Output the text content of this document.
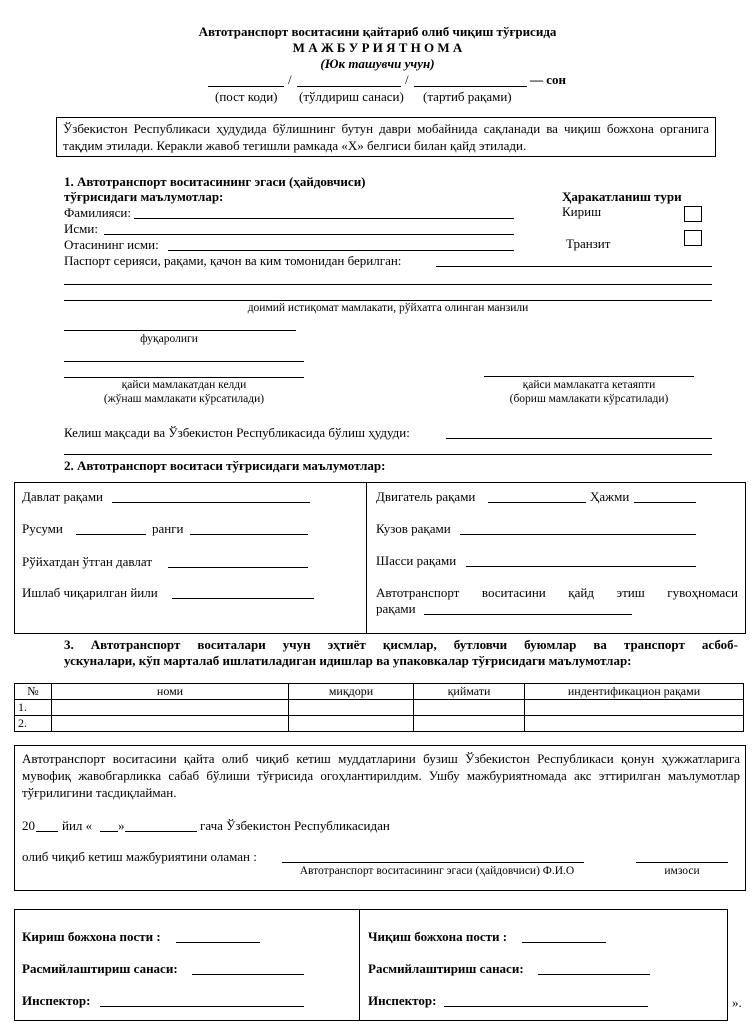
Автотранспорт воситасини қайтариб олиб чиқиш тўғрисида
М А Ж Б У Р И Я Т Н О М А
(Юк ташувчи учун)
/	/	— сон
(пост коди) (тўлдириш санаси) (тартиб рақами)
Ўзбекистон Республикаси ҳудудида бўлишнинг бутун даври мобайнида сақланади ва чиқиш божхона органига тақдим этилади. Керакли жавоб тегишли рамкада «Х» белгиси билан қайд этилади.
1. Автотранспорт воситасининг эгаси (ҳайдовчиси)
тўғрисидаги маълумотлар:	Ҳаракатланиш тури
Кириш
Транзит
Фамилияси:
Исми:
Отасининг исми:
Паспорт серияси, рақами, қачон ва ким томонидан берилган:
доимий истиқомат мамлакати, рўйхатга олинган манзили
фуқаролиги
қайси мамлакатдан келди
(жўнаш мамлакати кўрсатилади)
қайси мамлакатга кетаяпти
(бориш мамлакати кўрсатилади)
Келиш мақсади ва Ўзбекистон Республикасида бўлиш ҳудуди:
2. Автотранспорт воситаси тўғрисидаги маълумотлар:
Давлат рақами
Русуми	ранги
Рўйхатдан ўтган давлат
Ишлаб чиқарилган йили
Двигатель рақами	Ҳажми
Кузов рақами
Шасси рақами
Автотранспорт воситасини қайд этиш гувоҳномаси
рақами
3. Автотранспорт воситалари учун эҳтиёт қисмлар, бутловчи буюмлар ва транспорт асбоб-
ускуналари, кўп марталаб ишлатиладиган идишлар ва упаковкалар тўғрисидаги маълумотлар:
№	номи	миқдори	қиймати	индентификацион рақами
1.				
2.				
Автотранспорт воситасини қайта олиб чиқиб кетиш муддатларини бузиш Ўзбекистон Республикаси қонун ҳужжатларига мувофиқ жавобгарликка сабаб бўлиши тўғрисида огоҳлантирилдим. Ушбу мажбуриятномада акс эттирилган маълумотлар тўғрилигини тасдиқлайман.
20 йил « »	гача Ўзбекистон Республикасидан
олиб чиқиб кетиш мажбуриятини оламан :
Автотранспорт воситасининг эгаси (ҳайдовчиси) Ф.И.О	имзоси
Кириш божхона пости :
Расмийлаштириш санаси:
Инспектор:
Чиқиш божхона пости :
Расмийлаштириш санаси:
Инспектор:	».
